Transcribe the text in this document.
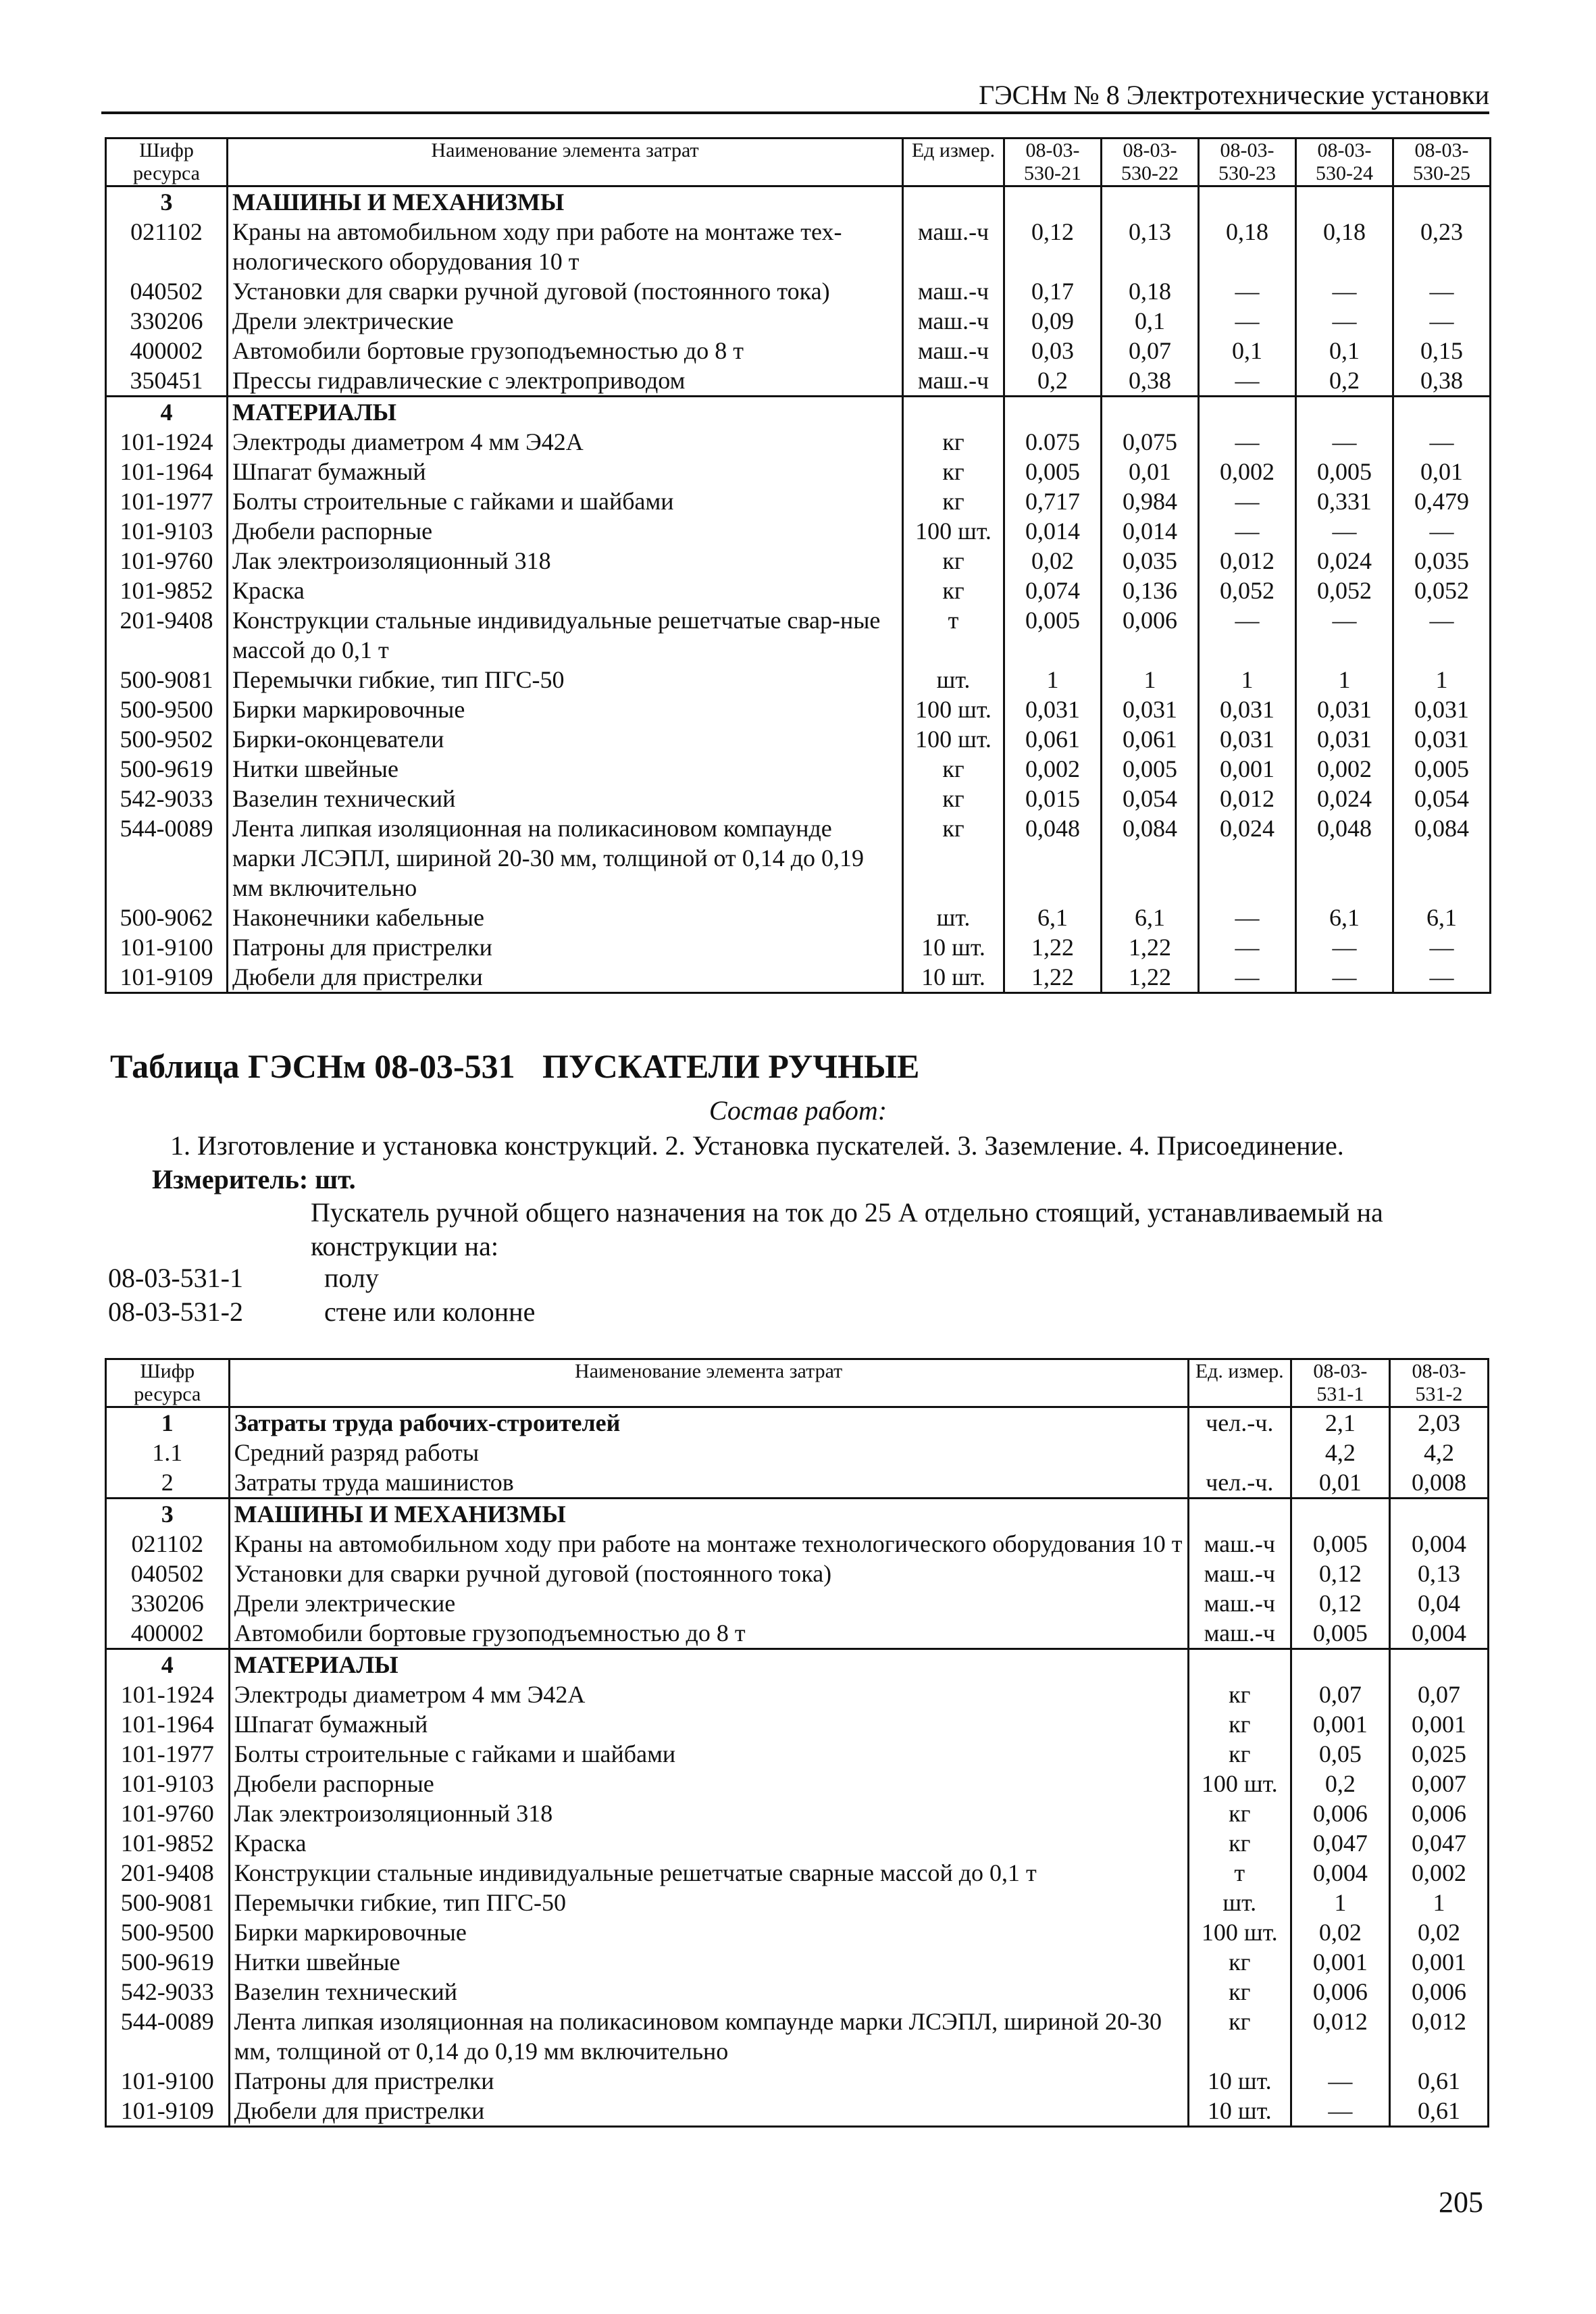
ГЭСНм № 8 Электротехнические установки
Шифр ресурса	Наименование элемента затрат	Ед измер.	08-03-530-21	08-03-530-22	08-03-530-23	08-03-530-24	08-03-530-25
3	МАШИНЫ И МЕХАНИЗМЫ						
021102	Краны на автомобильном ходу при работе на монтаже тех-нологического оборудования 10 т	маш.-ч	0,12	0,13	0,18	0,18	0,23
040502	Установки для сварки ручной дуговой (постоянного тока)	маш.-ч	0,17	0,18	—	—	—
330206	Дрели электрические	маш.-ч	0,09	0,1	—	—	—
400002	Автомобили бортовые грузоподъемностью до 8 т	маш.-ч	0,03	0,07	0,1	0,1	0,15
350451	Прессы гидравлические с электроприводом	маш.-ч	0,2	0,38	—	0,2	0,38
4	МАТЕРИАЛЫ						
101-1924	Электроды диаметром 4 мм Э42А	кг	0.075	0,075	—	—	—
101-1964	Шпагат бумажный	кг	0,005	0,01	0,002	0,005	0,01
101-1977	Болты строительные с гайками и шайбами	кг	0,717	0,984	—	0,331	0,479
101-9103	Дюбели распорные	100 шт.	0,014	0,014	—	—	—
101-9760	Лак электроизоляционный 318	кг	0,02	0,035	0,012	0,024	0,035
101-9852	Краска	кг	0,074	0,136	0,052	0,052	0,052
201-9408	Конструкции стальные индивидуальные решетчатые свар-ные массой до 0,1 т	т	0,005	0,006	—	—	—
500-9081	Перемычки гибкие, тип ПГС-50	шт.	1	1	1	1	1
500-9500	Бирки маркировочные	100 шт.	0,031	0,031	0,031	0,031	0,031
500-9502	Бирки-оконцеватели	100 шт.	0,061	0,061	0,031	0,031	0,031
500-9619	Нитки швейные	кг	0,002	0,005	0,001	0,002	0,005
542-9033	Вазелин технический	кг	0,015	0,054	0,012	0,024	0,054
544-0089	Лента липкая изоляционная на поликасиновом компаунде марки ЛСЭПЛ, шириной 20-30 мм, толщиной от 0,14 до 0,19 мм включительно	кг	0,048	0,084	0,024	0,048	0,084
500-9062	Наконечники кабельные	шт.	6,1	6,1	—	6,1	6,1
101-9100	Патроны для пристрелки	10 шт.	1,22	1,22	—	—	—
101-9109	Дюбели для пристрелки	10 шт.	1,22	1,22	—	—	—
Таблица ГЭСНм 08-03-531 ПУСКАТЕЛИ РУЧНЫЕ
Состав работ:
1. Изготовление и установка конструкций. 2. Установка пускателей. 3. Заземление. 4. Присоединение.
Измеритель: шт.
Пускатель ручной общего назначения на ток до 25 А отдельно стоящий, устанавливаемый на конструкции на:
08-03-531-1	полу
08-03-531-2	стене или колонне
Шифр ресурса	Наименование элемента затрат	Ед. измер.	08-03-531-1	08-03-531-2
1	Затраты труда рабочих-строителей	чел.-ч.	2,1	2,03
1.1	Средний разряд работы		4,2	4,2
2	Затраты труда машинистов	чел.-ч.	0,01	0,008
3	МАШИНЫ И МЕХАНИЗМЫ			
021102	Краны на автомобильном ходу при работе на монтаже технологического оборудования 10 т	маш.-ч	0,005	0,004
040502	Установки для сварки ручной дуговой (постоянного тока)	маш.-ч	0,12	0,13
330206	Дрели электрические	маш.-ч	0,12	0,04
400002	Автомобили бортовые грузоподъемностью до 8 т	маш.-ч	0,005	0,004
4	МАТЕРИАЛЫ			
101-1924	Электроды диаметром 4 мм Э42А	кг	0,07	0,07
101-1964	Шпагат бумажный	кг	0,001	0,001
101-1977	Болты строительные с гайками и шайбами	кг	0,05	0,025
101-9103	Дюбели распорные	100 шт.	0,2	0,007
101-9760	Лак электроизоляционный 318	кг	0,006	0,006
101-9852	Краска	кг	0,047	0,047
201-9408	Конструкции стальные индивидуальные решетчатые сварные массой до 0,1 т	т	0,004	0,002
500-9081	Перемычки гибкие, тип ПГС-50	шт.	1	1
500-9500	Бирки маркировочные	100 шт.	0,02	0,02
500-9619	Нитки швейные	кг	0,001	0,001
542-9033	Вазелин технический	кг	0,006	0,006
544-0089	Лента липкая изоляционная на поликасиновом компаунде марки ЛСЭПЛ, шириной 20-30 мм, толщиной от 0,14 до 0,19 мм включительно	кг	0,012	0,012
101-9100	Патроны для пристрелки	10 шт.	—	0,61
101-9109	Дюбели для пристрелки	10 шт.	—	0,61
205
